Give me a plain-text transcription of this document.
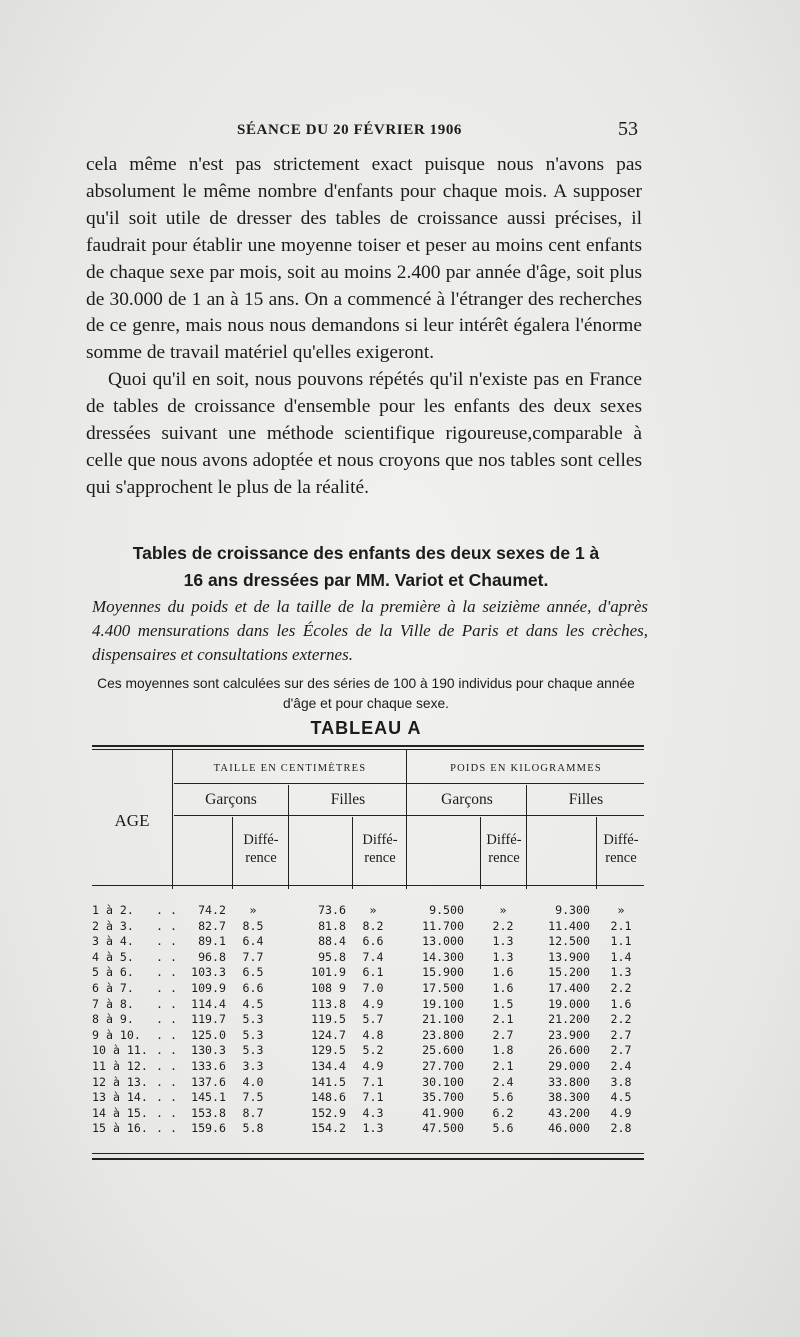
SÉANCE DU 20 FÉVRIER 1906	53

cela même n'est pas strictement exact puisque nous n'avons pas absolument le même nombre d'enfants pour chaque mois. A supposer qu'il soit utile de dresser des tables de croissance aussi précises, il faudrait pour établir une moyenne toiser et peser au moins cent enfants de chaque sexe par mois, soit au moins 2.400 par année d'âge, soit plus de 30.000 de 1 an à 15 ans. On a commencé à l'étranger des recherches de ce genre, mais nous nous demandons si leur intérêt égalera l'énorme somme de travail matériel qu'elles exigeront.

Quoi qu'il en soit, nous pouvons répétés qu'il n'existe pas en France de tables de croissance d'ensemble pour les enfants des deux sexes dressées suivant une méthode scientifique rigoureuse,comparable à celle que nous avons adoptée et nous croyons que nos tables sont celles qui s'approchent le plus de la réalité.

Tables de croissance des enfants des deux sexes de 1 à
16 ans dressées par MM. Variot et Chaumet.
Moyennes du poids et de la taille de la première à la seizième année, d'après 4.400 mensurations dans les Écoles de la Ville de Paris et dans les crèches, dispensaires et consultations externes.
Ces moyennes sont calculées sur des séries de 100 à 190 individus pour chaque année d'âge et pour chaque sexe.
TABLEAU A
AGE
TAILLE EN CENTIMÈTRES	POIDS EN KILOGRAMMES
Garçons	Filles	Garçons	Filles
Diffé-
rence
Diffé-
rence
Diffé-
rence
Diffé-
rence
1 à 2. . .	74.2	»	73.6	»	9.500	»	9.300	»
2 à 3. . .	82.7	8.5	81.8	8.2	11.700	2.2	11.400	2.1
3 à 4. . .	89.1	6.4	88.4	6.6	13.000	1.3	12.500	1.1
4 à 5. . .	96.8	7.7	95.8	7.4	14.300	1.3	13.900	1.4
5 à 6. . .	103.3	6.5	101.9	6.1	15.900	1.6	15.200	1.3
6 à 7. . .	109.9	6.6	108 9	7.0	17.500	1.6	17.400	2.2
7 à 8. . .	114.4	4.5	113.8	4.9	19.100	1.5	19.000	1.6
8 à 9. . .	119.7	5.3	119.5	5.7	21.100	2.1	21.200	2.2
9 à 10. . .	125.0	5.3	124.7	4.8	23.800	2.7	23.900	2.7
10 à 11. . .	130.3	5.3	129.5	5.2	25.600	1.8	26.600	2.7
11 à 12. . .	133.6	3.3	134.4	4.9	27.700	2.1	29.000	2.4
12 à 13. . .	137.6	4.0	141.5	7.1	30.100	2.4	33.800	3.8
13 à 14. . .	145.1	7.5	148.6	7.1	35.700	5.6	38.300	4.5
14 à 15. . .	153.8	8.7	152.9	4.3	41.900	6.2	43.200	4.9
15 à 16. . .	159.6	5.8	154.2	1.3	47.500	5.6	46.000	2.8
